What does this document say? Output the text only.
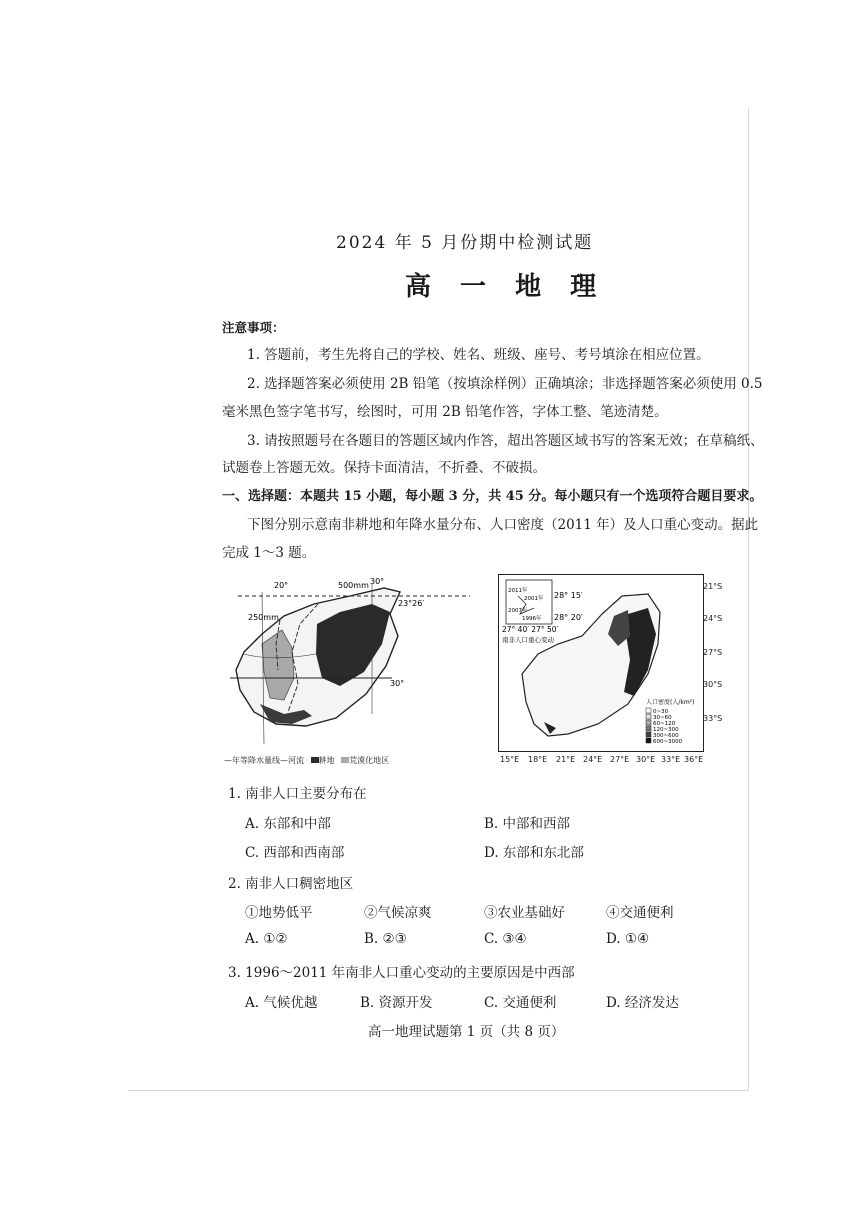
2024 年 5 月份期中检测试题
高 一 地 理
注意事项：
1. 答题前，考生先将自己的学校、姓名、班级、座号、考号填涂在相应位置。
2. 选择题答案必须使用 2B 铅笔（按填涂样例）正确填涂；非选择题答案必须使用 0.5
毫米黑色签字笔书写，绘图时，可用 2B 铅笔作答，字体工整、笔迹清楚。
3. 请按照题号在各题目的答题区域内作答，超出答题区域书写的答案无效；在草稿纸、
试题卷上答题无效。保持卡面清洁，不折叠、不破损。
一、选择题：本题共 15 小题，每小题 3 分，共 45 分。每小题只有一个选项符合题目要求。
下图分别示意南非耕地和年降水量分布、人口密度（2011 年）及人口重心变动。据此
完成 1～3 题。
20°	30°
500mm
250mm
23°26′
30°
—年等降水量线—河流 耕地 荒漠化地区
2011年
2001年
2007年
1996年
28° 15′
28° 20′
27° 40′ 27° 50′
南非人口重心变动
人口密度(人/km²)
0~30
30~60
60~120
120~300
300~600
600~3000
21°S
24°S
27°S
30°S
33°S
15°E 18°E 21°E 24°E 27°E 30°E 33°E 36°E
1. 南非人口主要分布在
A. 东部和中部	B. 中部和西部
C. 西部和西南部	D. 东部和东北部
2. 南非人口稠密地区
①地势低平	②气候凉爽	③农业基础好	④交通便利
A. ①②	B. ②③	C. ③④	D. ①④
3. 1996～2011 年南非人口重心变动的主要原因是中西部
A. 气候优越	B. 资源开发	C. 交通便利	D. 经济发达
高一地理试题第 1 页（共 8 页）
